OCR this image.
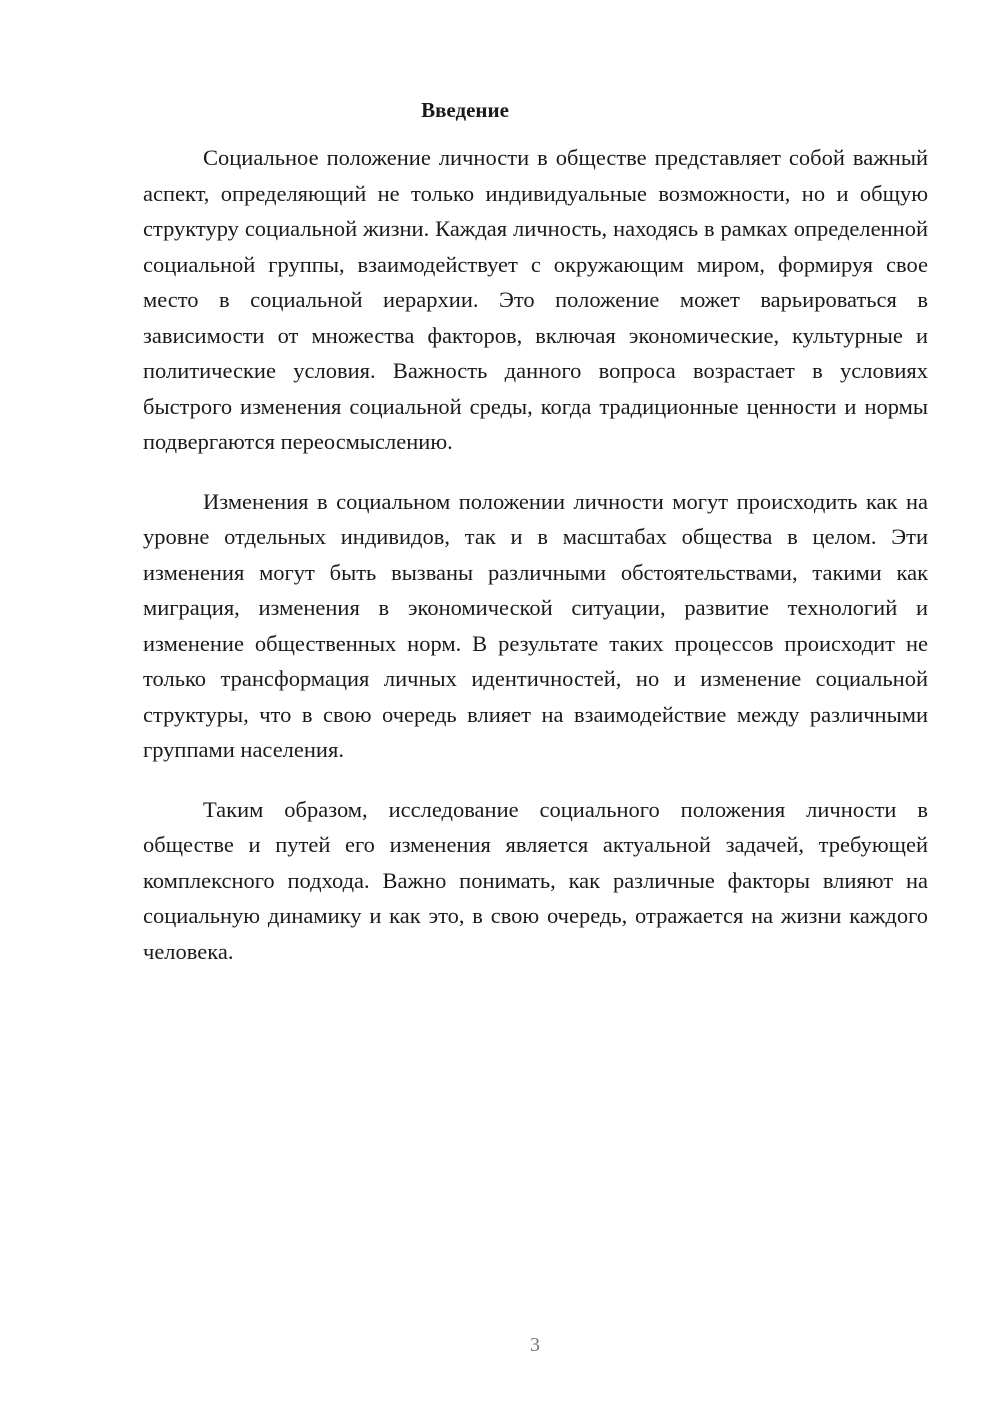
Введение

Социальное положение личности в обществе представляет собой важный аспект, определяющий не только индивидуальные возможности, но и общую структуру социальной жизни. Каждая личность, находясь в рамках определенной социальной группы, взаимодействует с окружающим миром, формируя свое место в социальной иерархии. Это положение может варьироваться в зависимости от множества факторов, включая экономические, культурные и политические условия. Важность данного вопроса возрастает в условиях быстрого изменения социальной среды, когда традиционные ценности и нормы подвергаются переосмыслению.

Изменения в социальном положении личности могут происходить как на уровне отдельных индивидов, так и в масштабах общества в целом. Эти изменения могут быть вызваны различными обстоятельствами, такими как миграция, изменения в экономической ситуации, развитие технологий и изменение общественных норм. В результате таких процессов происходит не только трансформация личных идентичностей, но и изменение социальной структуры, что в свою очередь влияет на взаимодействие между различными группами населения.

Таким образом, исследование социального положения личности в обществе и путей его изменения является актуальной задачей, требующей комплексного подхода. Важно понимать, как различные факторы влияют на социальную динамику и как это, в свою очередь, отражается на жизни каждого человека.

3
